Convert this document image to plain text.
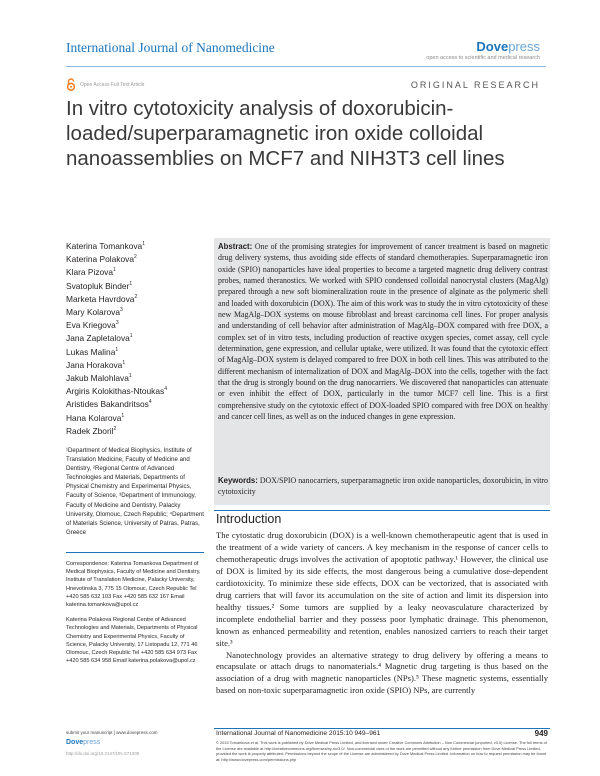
International Journal of Nanomedicine	Dovepress
open access to scientific and medical research
Open Access Full Text Article	ORIGINAL RESEARCH
In vitro cytotoxicity analysis of doxorubicin-loaded/superparamagnetic iron oxide colloidal nanoassemblies on MCF7 and NIH3T3 cell lines
Katerina Tomankova$^1$
Katerina Polakova$^2$
Klara Pizova$^1$
Svatopluk Binder$^1$
Marketa Havrdova$^2$
Mary Kolarova$^3$
Eva Kriegova$^3$
Jana Zapletalova$^1$
Lukas Malina$^1$
Jana Horakova$^1$
Jakub Malohlava$^1$
Argiris Kolokithas-Ntoukas$^4$
Aristides Bakandritsos$^4$
Hana Kolarova$^1$
Radek Zboril$^2$
¹Department of Medical Biophysics, Institute of Translation Medicine, Faculty of Medicine and Dentistry, ²Regional Centre of Advanced Technologies and Materials, Departments of Physical Chemistry and Experimental Physics, Faculty of Science, ³Department of Immunology, Faculty of Medicine and Dentistry, Palacky University, Olomouc, Czech Republic; ⁴Department of Materials Science, University of Patras, Patras, Greece

Correspondence: Katerina Tomankova Department of Medical Biophysics, Faculty of Medicine and Dentistry, Institute of Translation Medicine, Palacky University, Hnevotinska 3, 775 15 Olomouc, Czech Republic Tel +420 585 632 103 Fax +420 585 632 167 Email katerina.tomankova@upol.cz

Katerina Polakova Regional Centre of Advanced Technologies and Materials, Departments of Physical Chemistry and Experimental Physics, Faculty of Science, Palacky University, 17 Listopadu 12, 771 46 Olomouc, Czech Republic Tel +420 585 634 973 Fax +420 585 634 958 Email katerina.polakova@upol.cz

Abstract: One of the promising strategies for improvement of cancer treatment is based on magnetic drug delivery systems, thus avoiding side effects of standard chemotherapies. Superparamagnetic iron oxide (SPIO) nanoparticles have ideal properties to become a targeted magnetic drug delivery contrast probes, named theranostics. We worked with SPIO condensed colloidal nanocrystal clusters (MagAlg) prepared through a new soft biomineralization route in the presence of alginate as the polymeric shell and loaded with doxorubicin (DOX). The aim of this work was to study the in vitro cytotoxicity of these new MagAlg–DOX systems on mouse fibroblast and breast carcinoma cell lines. For proper analysis and understanding of cell behavior after administration of MagAlg–DOX compared with free DOX, a complex set of in vitro tests, including production of reactive oxygen species, comet assay, cell cycle determination, gene expression, and cellular uptake, were utilized. It was found that the cytotoxic effect of MagAlg–DOX system is delayed compared to free DOX in both cell lines. This was attributed to the different mechanism of internalization of DOX and MagAlg–DOX into the cells, together with the fact that the drug is strongly bound on the drug nanocarriers. We discovered that nanoparticles can attenuate or even inhibit the effect of DOX, particularly in the tumor MCF7 cell line. This is a first comprehensive study on the cytotoxic effect of DOX-loaded SPIO compared with free DOX on healthy and cancer cell lines, as well as on the induced changes in gene expression.
Keywords: DOX/SPIO nanocarriers, superparamagnetic iron oxide nanoparticles, doxorubicin, in vitro cytotoxicity
Introduction

The cytostatic drug doxorubicin (DOX) is a well-known chemotherapeutic agent that is used in the treatment of a wide variety of cancers. A key mechanism in the response of cancer cells to chemotherapeutic drugs involves the activation of apoptotic pathway.¹ However, the clinical use of DOX is limited by its side effects, the most dangerous being a cumulative dose-dependent cardiotoxicity. To minimize these side effects, DOX can be vectorized, that is associated with drug carriers that will favor its accumulation on the site of action and limit its dispersion into healthy tissues.² Some tumors are supplied by a leaky neovasculature characterized by incomplete endothelial barrier and they possess poor lymphatic drainage. This phenomenon, known as enhanced permeability and retention, enables nanosized carriers to reach their target site.³

Nanotechnology provides an alternative strategy to drug delivery by offering a means to encapsulate or attach drugs to nanomaterials.⁴ Magnetic drug targeting is thus based on the association of a drug with magnetic nanoparticles (NPs).⁵ These magnetic systems, essentially based on non-toxic superparamagnetic iron oxide (SPIO) NPs, are currently

submit your manuscript | www.dovepress.com
Dovepress
http://dx.doi.org/10.2147/IJN.S71200
International Journal of Nanomedicine 2015:10 949–961	949
© 2015 Tomankova et al. This work is published by Dove Medical Press Limited, and licensed under Creative Commons Attribution – Non Commercial (unported, v3.0) License. The full terms of the License are available at http://creativecommons.org/licenses/by-nc/3.0/. Non-commercial uses of the work are permitted without any further permission from Dove Medical Press Limited, provided the work is properly attributed. Permissions beyond the scope of the License are administered by Dove Medical Press Limited. Information on how to request permission may be found at: http://www.dovepress.com/permissions.php
